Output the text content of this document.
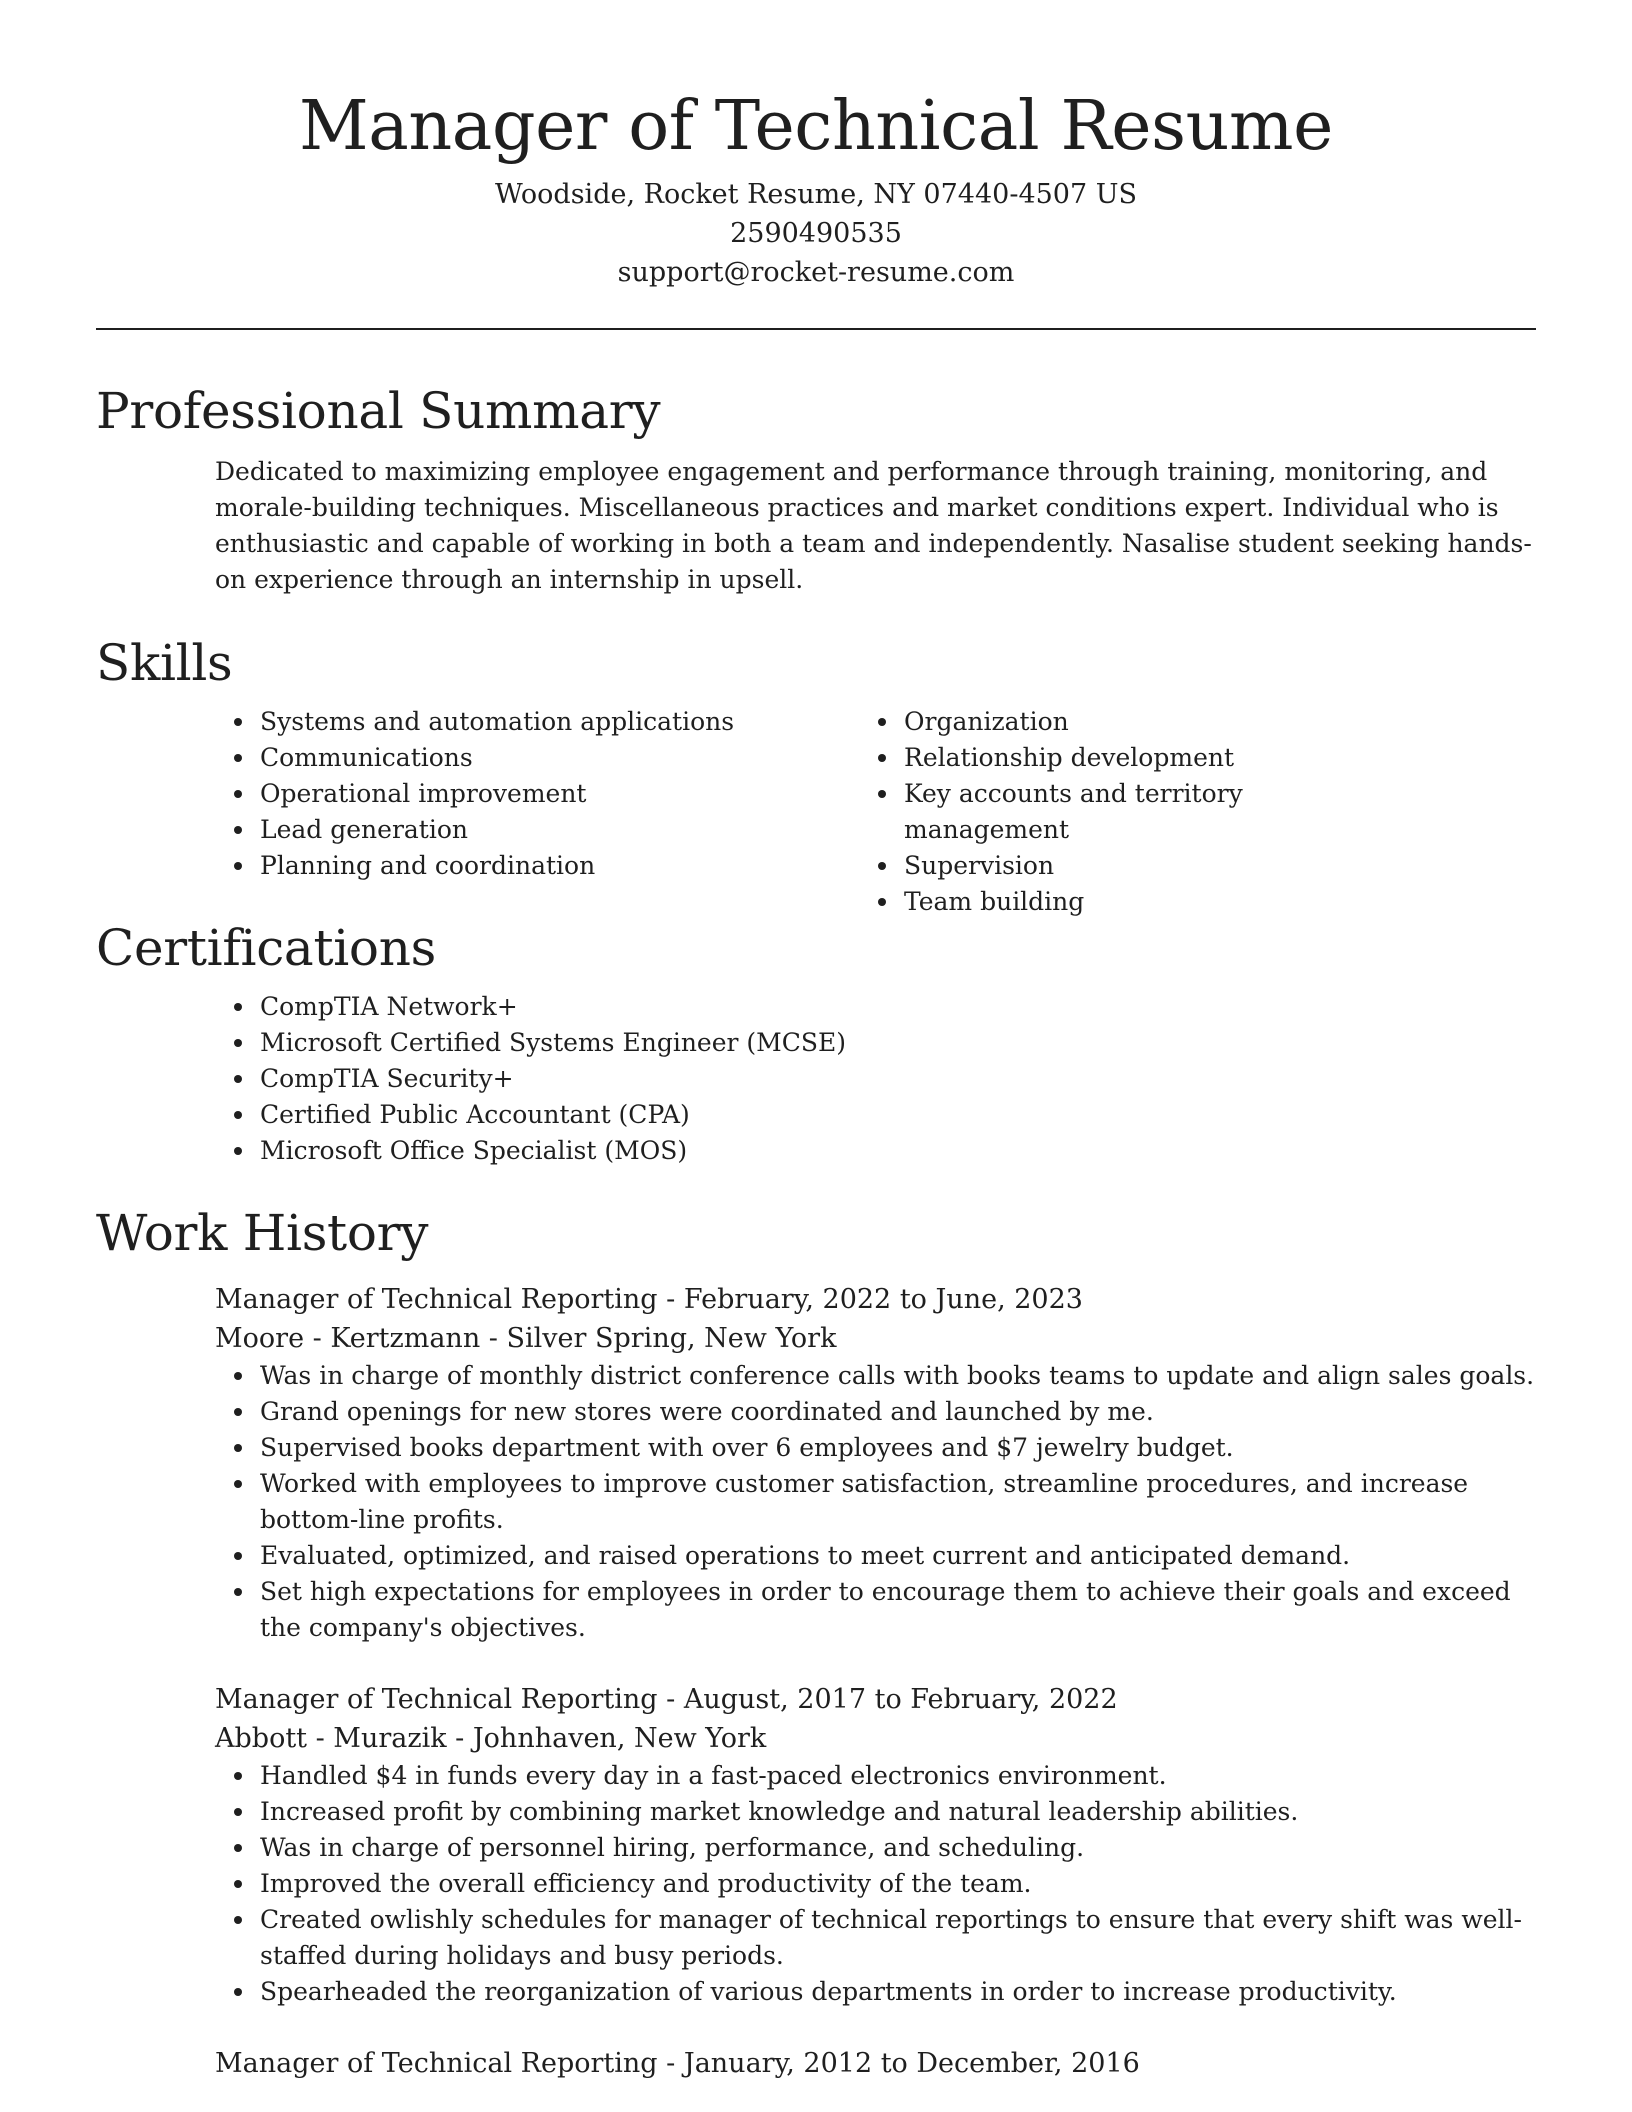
Manager of Technical Resume

Woodside, Rocket Resume, NY 07440-4507 US

2590490535

support@rocket-resume.com

Professional Summary

Dedicated to maximizing employee engagement and performance through training, monitoring, and morale-building techniques. Miscellaneous practices and market conditions expert. Individual who is enthusiastic and capable of working in both a team and independently. Nasalise student seeking hands-on experience through an internship in upsell.

Skills
Systems and automation applications
Communications
Operational improvement
Lead generation
Planning and coordination
Organization
Relationship development
Key accounts and territory management
Supervision
Team building
Certifications
CompTIA Network+
Microsoft Certified Systems Engineer (MCSE)
CompTIA Security+
Certified Public Accountant (CPA)
Microsoft Office Specialist (MOS)
Work History

Manager of Technical Reporting - February, 2022 to June, 2023

Moore - Kertzmann - Silver Spring, New York

Was in charge of monthly district conference calls with books teams to update and align sales goals.
Grand openings for new stores were coordinated and launched by me.
Supervised books department with over 6 employees and $7 jewelry budget.
Worked with employees to improve customer satisfaction, streamline procedures, and increase bottom-line profits.
Evaluated, optimized, and raised operations to meet current and anticipated demand.
Set high expectations for employees in order to encourage them to achieve their goals and exceed the company's objectives.

Manager of Technical Reporting - August, 2017 to February, 2022

Abbott - Murazik - Johnhaven, New York

Handled $4 in funds every day in a fast-paced electronics environment.
Increased profit by combining market knowledge and natural leadership abilities.
Was in charge of personnel hiring, performance, and scheduling.
Improved the overall efficiency and productivity of the team.
Created owlishly schedules for manager of technical reportings to ensure that every shift was well-staffed during holidays and busy periods.
Spearheaded the reorganization of various departments in order to increase productivity.

Manager of Technical Reporting - January, 2012 to December, 2016
